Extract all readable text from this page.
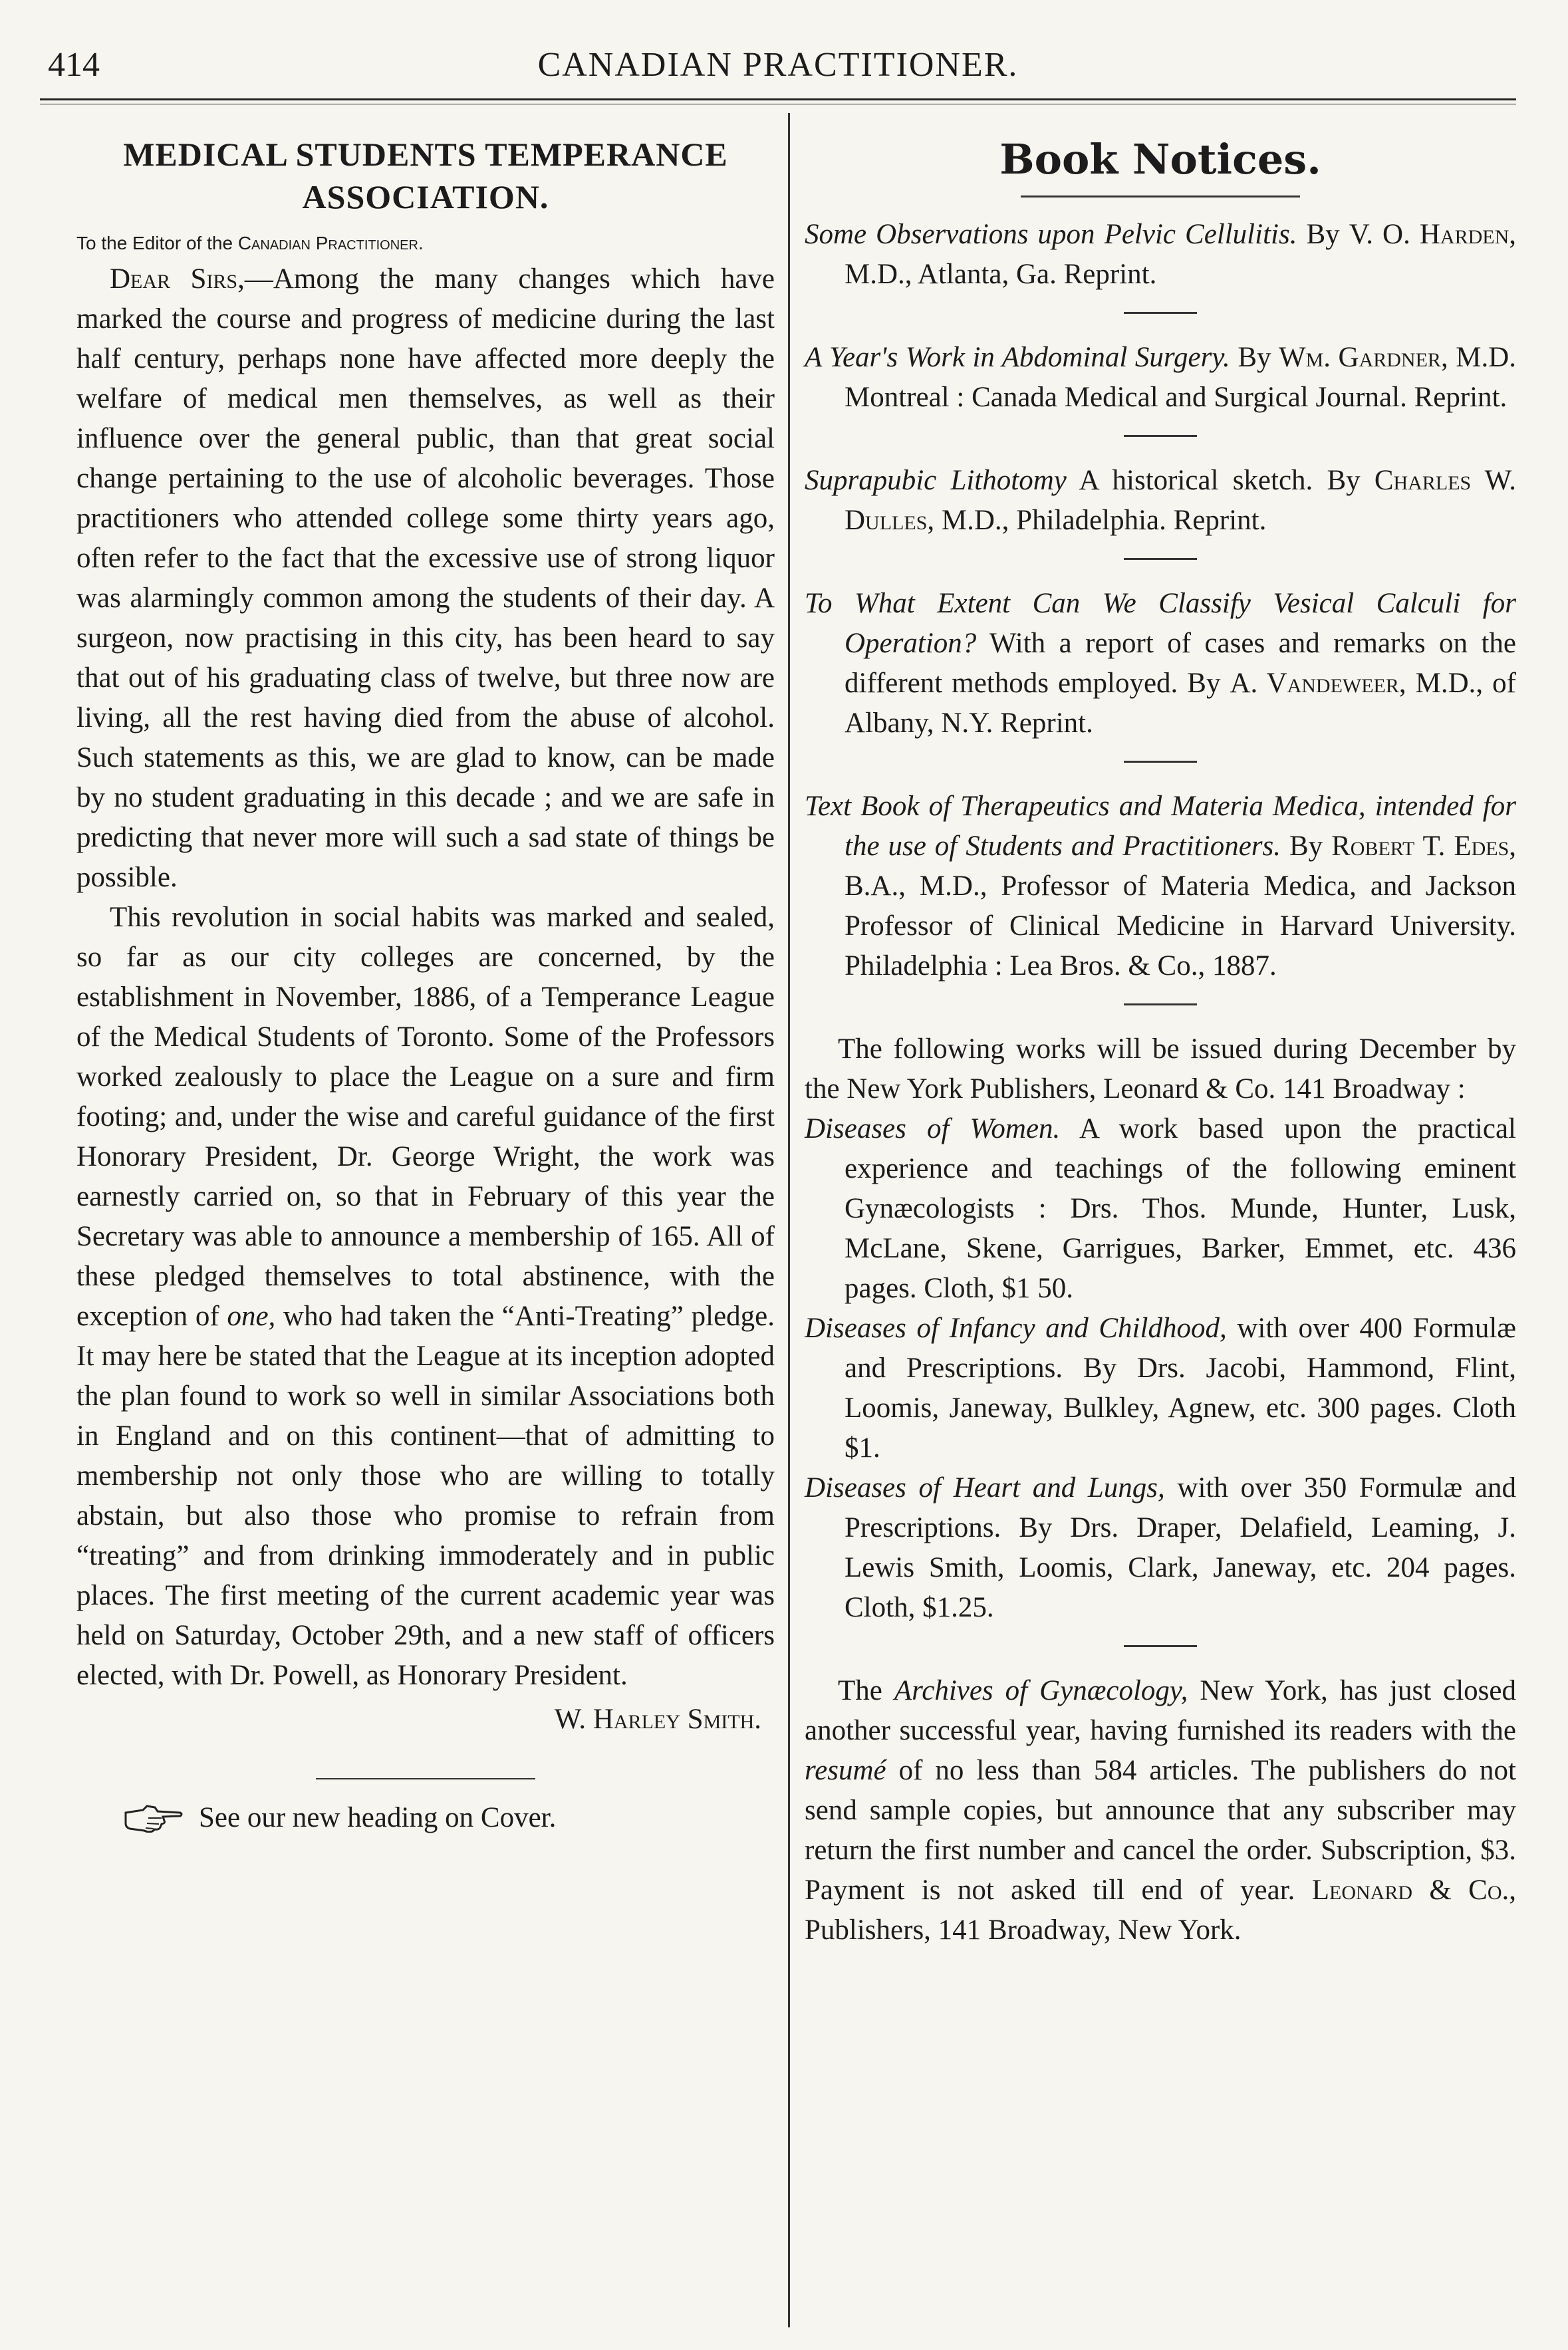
414	CANADIAN PRACTITIONER.
MEDICAL STUDENTS TEMPERANCE ASSOCIATION.

To the Editor of the Canadian Practitioner.

Dear Sirs,—Among the many changes which have marked the course and progress of medicine during the last half century, perhaps none have affected more deeply the welfare of medical men themselves, as well as their influence over the general public, than that great social change pertaining to the use of alcoholic beverages. Those practitioners who attended college some thirty years ago, often refer to the fact that the excessive use of strong liquor was alarmingly common among the students of their day. A surgeon, now practising in this city, has been heard to say that out of his graduating class of twelve, but three now are living, all the rest having died from the abuse of alcohol. Such statements as this, we are glad to know, can be made by no student graduating in this decade ; and we are safe in predicting that never more will such a sad state of things be possible.

This revolution in social habits was marked and sealed, so far as our city colleges are concerned, by the establishment in November, 1886, of a Temperance League of the Medical Students of Toronto. Some of the Professors worked zealously to place the League on a sure and firm footing; and, under the wise and careful guidance of the first Honorary President, Dr. George Wright, the work was earnestly carried on, so that in February of this year the Secretary was able to announce a membership of 165. All of these pledged themselves to total abstinence, with the exception of one, who had taken the “Anti-Treating” pledge. It may here be stated that the League at its inception adopted the plan found to work so well in similar Associations both in England and on this continent—that of admitting to membership not only those who are willing to totally abstain, but also those who promise to refrain from “treating” and from drinking immoderately and in public places. The first meeting of the current academic year was held on Saturday, October 29th, and a new staff of officers elected, with Dr. Powell, as Honorary President.

W. Harley Smith.

See our new heading on Cover.
Book Notices.

Some Observations upon Pelvic Cellulitis. By V. O. Harden, M.D., Atlanta, Ga. Reprint.

A Year's Work in Abdominal Surgery. By Wm. Gardner, M.D. Montreal : Canada Medical and Surgical Journal. Reprint.

Suprapubic Lithotomy A historical sketch. By Charles W. Dulles, M.D., Philadelphia. Reprint.

To What Extent Can We Classify Vesical Calculi for Operation? With a report of cases and remarks on the different methods employed. By A. Vandeweer, M.D., of Albany, N.Y. Reprint.

Text Book of Therapeutics and Materia Medica, intended for the use of Students and Practitioners. By Robert T. Edes, B.A., M.D., Professor of Materia Medica, and Jackson Professor of Clinical Medicine in Harvard University. Philadelphia : Lea Bros. & Co., 1887.

The following works will be issued during December by the New York Publishers, Leonard & Co. 141 Broadway :

Diseases of Women. A work based upon the practical experience and teachings of the following eminent Gynæcologists : Drs. Thos. Munde, Hunter, Lusk, McLane, Skene, Garrigues, Barker, Emmet, etc. 436 pages. Cloth, $1 50.

Diseases of Infancy and Childhood, with over 400 Formulæ and Prescriptions. By Drs. Jacobi, Hammond, Flint, Loomis, Janeway, Bulkley, Agnew, etc. 300 pages. Cloth $1.

Diseases of Heart and Lungs, with over 350 Formulæ and Prescriptions. By Drs. Draper, Delafield, Leaming, J. Lewis Smith, Loomis, Clark, Janeway, etc. 204 pages. Cloth, $1.25.

The Archives of Gynæcology, New York, has just closed another successful year, having furnished its readers with the resumé of no less than 584 articles. The publishers do not send sample copies, but announce that any subscriber may return the first number and cancel the order. Subscription, $3. Payment is not asked till end of year. Leonard & Co., Publishers, 141 Broadway, New York.
